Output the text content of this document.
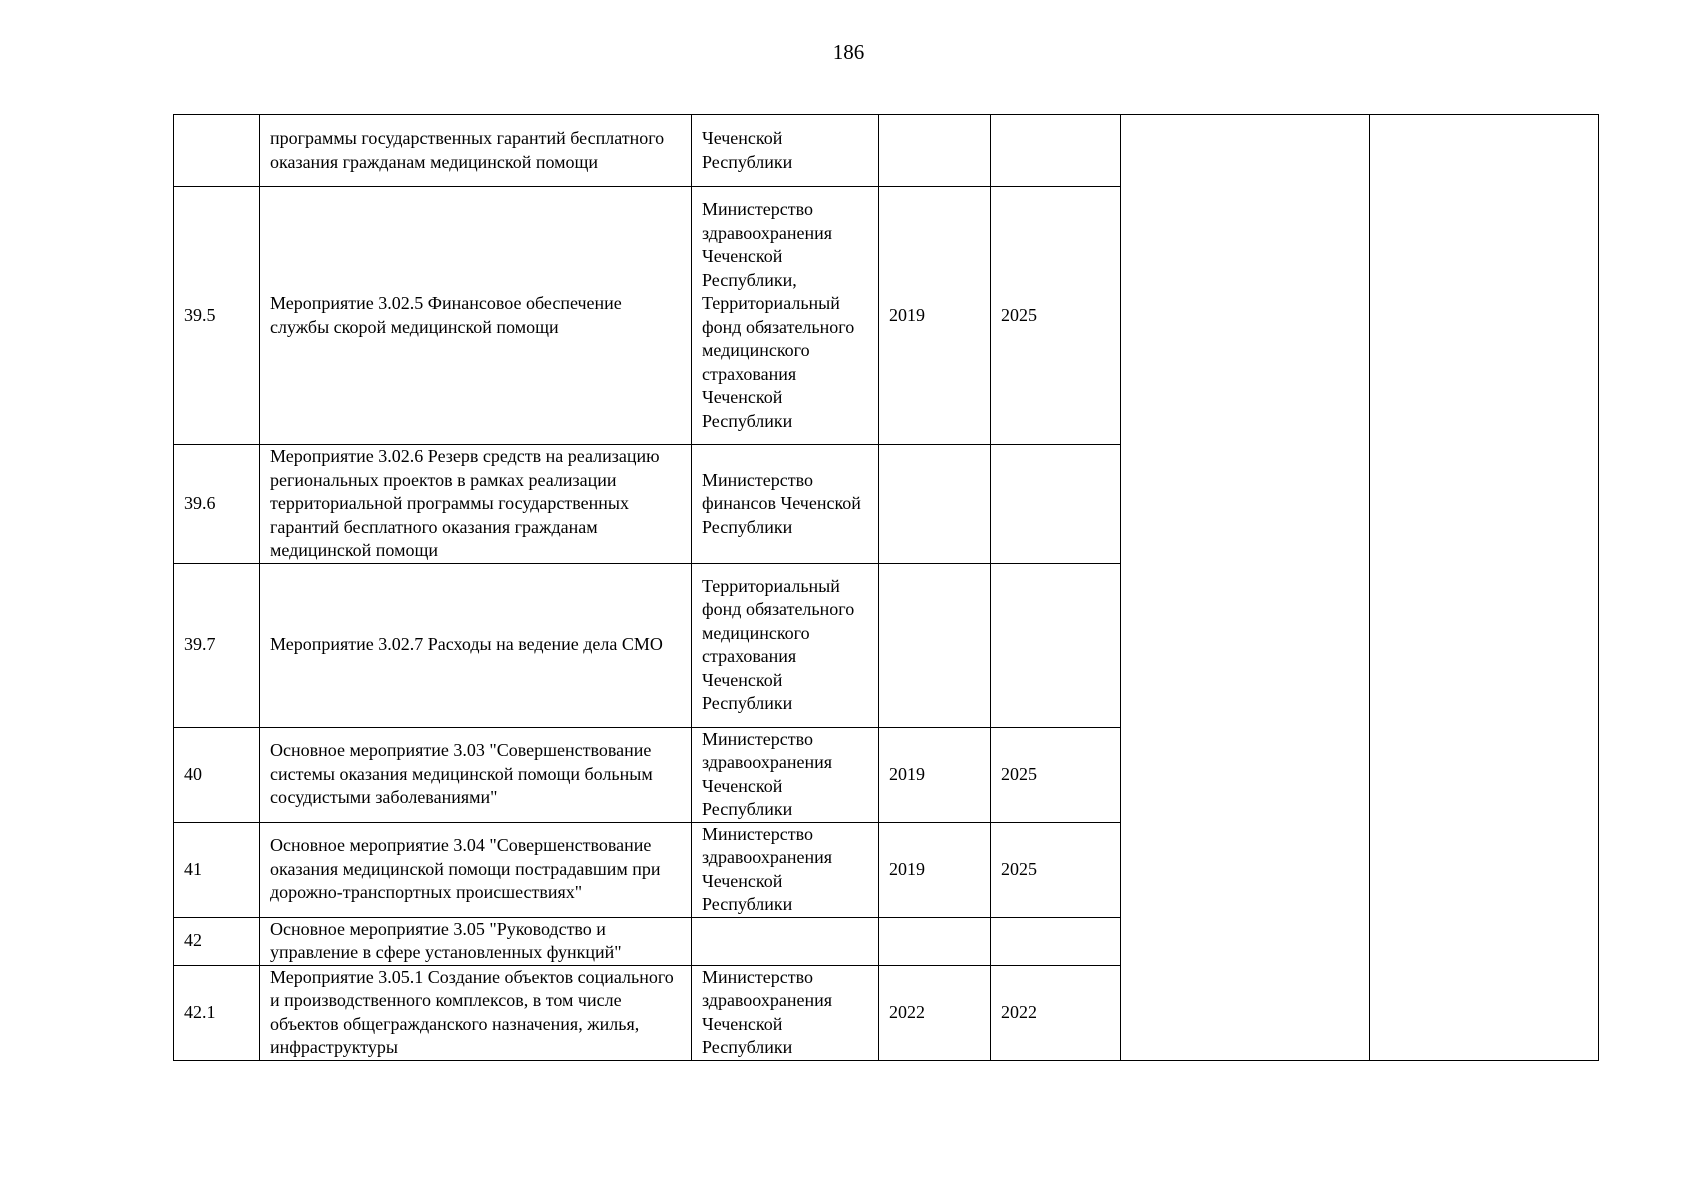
186
	программы государственных гарантий бесплатного оказания гражданам медицинской помощи	Чеченской Республики				
39.5	Мероприятие 3.02.5 Финансовое обеспечение службы скорой медицинской помощи	Министерство здравоохранения Чеченской Республики, Территориальный фонд обязательного медицинского страхования Чеченской Республики	2019	2025		
39.6	Мероприятие 3.02.6 Резерв средств на реализацию региональных проектов в рамках реализации территориальной программы государственных гарантий бесплатного оказания гражданам медицинской помощи	Министерство финансов Чеченской Республики				
39.7	Мероприятие 3.02.7 Расходы на ведение дела СМО	Территориальный фонд обязательного медицинского страхования Чеченской Республики				
40	Основное мероприятие 3.03 "Совершенствование системы оказания медицинской помощи больным сосудистыми заболеваниями"	Министерство здравоохранения Чеченской Республики	2019	2025		
41	Основное мероприятие 3.04 "Совершенствование оказания медицинской помощи пострадавшим при дорожно-транспортных происшествиях"	Министерство здравоохранения Чеченской Республики	2019	2025		
42	Основное мероприятие 3.05 "Руководство и управление в сфере установленных функций"					
42.1	Мероприятие 3.05.1 Создание объектов социального и производственного комплексов, в том числе объектов общегражданского назначения, жилья, инфраструктуры	Министерство здравоохранения Чеченской Республики	2022	2022		
